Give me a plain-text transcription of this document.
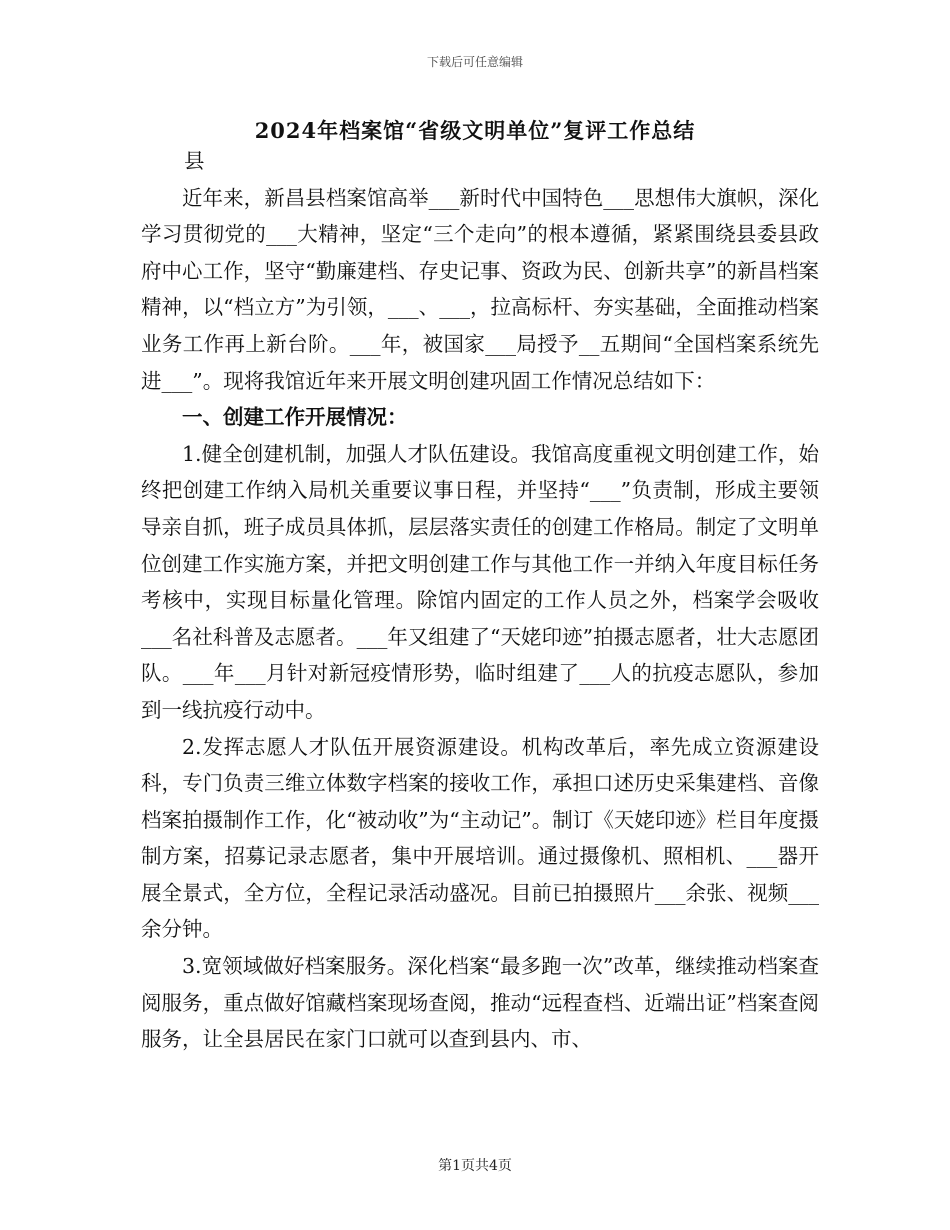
下载后可任意编辑
2024年档案馆“省级文明单位”复评工作总结

县

近年来，新昌县档案馆高举___新时代中国特色___思想伟大旗帜，深化学习贯彻党的___大精神，坚定“三个走向”的根本遵循，紧紧围绕县委县政府中心工作，坚守“勤廉建档、存史记事、资政为民、创新共享”的新昌档案精神，以“档立方”为引领，___、___，拉高标杆、夯实基础，全面推动档案业务工作再上新台阶。___年，被国家___局授予__五期间“全国档案系统先进___”。现将我馆近年来开展文明创建巩固工作情况总结如下：

一、创建工作开展情况：

1.健全创建机制，加强人才队伍建设。我馆高度重视文明创建工作，始终把创建工作纳入局机关重要议事日程，并坚持“___”负责制，形成主要领导亲自抓，班子成员具体抓，层层落实责任的创建工作格局。制定了文明单位创建工作实施方案，并把文明创建工作与其他工作一并纳入年度目标任务考核中，实现目标量化管理。除馆内固定的工作人员之外，档案学会吸收___名社科普及志愿者。___年又组建了“天姥印迹”拍摄志愿者，壮大志愿团队。___年___月针对新冠疫情形势，临时组建了___人的抗疫志愿队，参加到一线抗疫行动中。

2.发挥志愿人才队伍开展资源建设。机构改革后，率先成立资源建设科，专门负责三维立体数字档案的接收工作，承担口述历史采集建档、音像档案拍摄制作工作，化“被动收”为“主动记”。制订《天姥印迹》栏目年度摄制方案，招募记录志愿者，集中开展培训。通过摄像机、照相机、___器开展全景式，全方位，全程记录活动盛况。目前已拍摄照片___余张、视频___余分钟。

3.宽领域做好档案服务。深化档案“最多跑一次”改革，继续推动档案查阅服务，重点做好馆藏档案现场查阅，推动“远程查档、近端出证”档案查阅服务，让全县居民在家门口就可以查到县内、市、

第1页共4页
